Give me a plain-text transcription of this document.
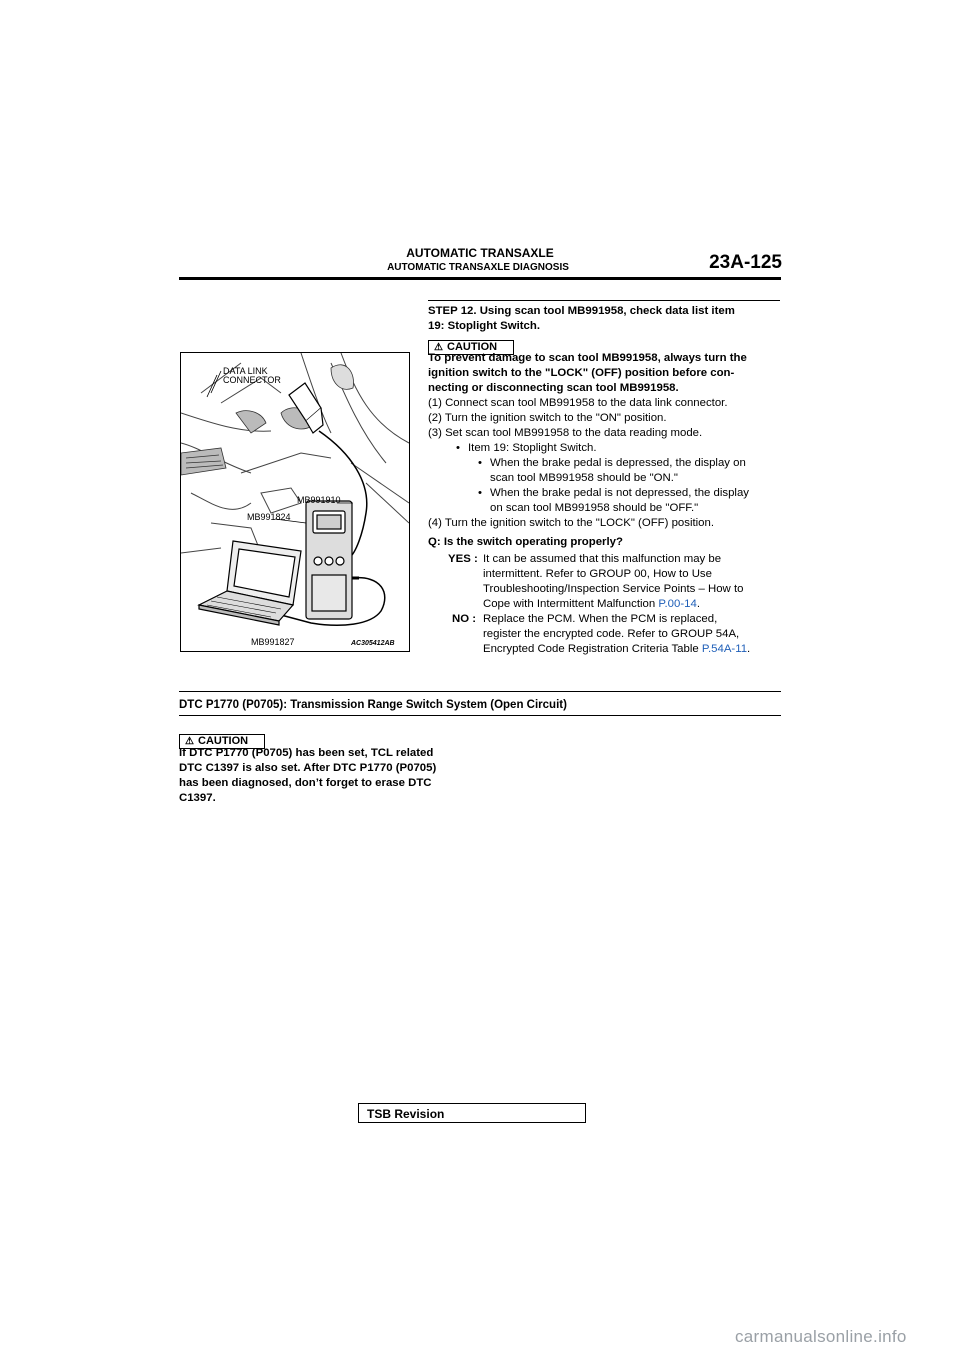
AUTOMATIC TRANSAXLE
AUTOMATIC TRANSAXLE DIAGNOSIS	23A-125
DATA LINK
CONNECTOR
MB991910
MB991824
MB991827	AC305412AB
STEP 12. Using scan tool MB991958, check data list item
19: Stoplight Switch.
⚠ CAUTION
To prevent damage to scan tool MB991958, always turn the
ignition switch to the "LOCK" (OFF) position before con-
necting or disconnecting scan tool MB991958.
(1) Connect scan tool MB991958 to the data link connector.
(2) Turn the ignition switch to the "ON" position.
(3) Set scan tool MB991958 to the data reading mode.
• Item 19: Stoplight Switch.
• When the brake pedal is depressed, the display on
scan tool MB991958 should be "ON."
• When the brake pedal is not depressed, the display
on scan tool MB991958 should be "OFF."
(4) Turn the ignition switch to the "LOCK" (OFF) position.
Q: Is the switch operating properly?
YES : It can be assumed that this malfunction may be
intermittent. Refer to GROUP 00, How to Use
Troubleshooting/Inspection Service Points – How to
Cope with Intermittent Malfunction P.00-14.
NO : Replace the PCM. When the PCM is replaced,
register the encrypted code. Refer to GROUP 54A,
Encrypted Code Registration Criteria Table P.54A-11.
DTC P1770 (P0705): Transmission Range Switch System (Open Circuit)
⚠ CAUTION
If DTC P1770 (P0705) has been set, TCL related
DTC C1397 is also set. After DTC P1770 (P0705)
has been diagnosed, don’t forget to erase DTC
C1397.
TSB Revision
carmanualsonline.info
